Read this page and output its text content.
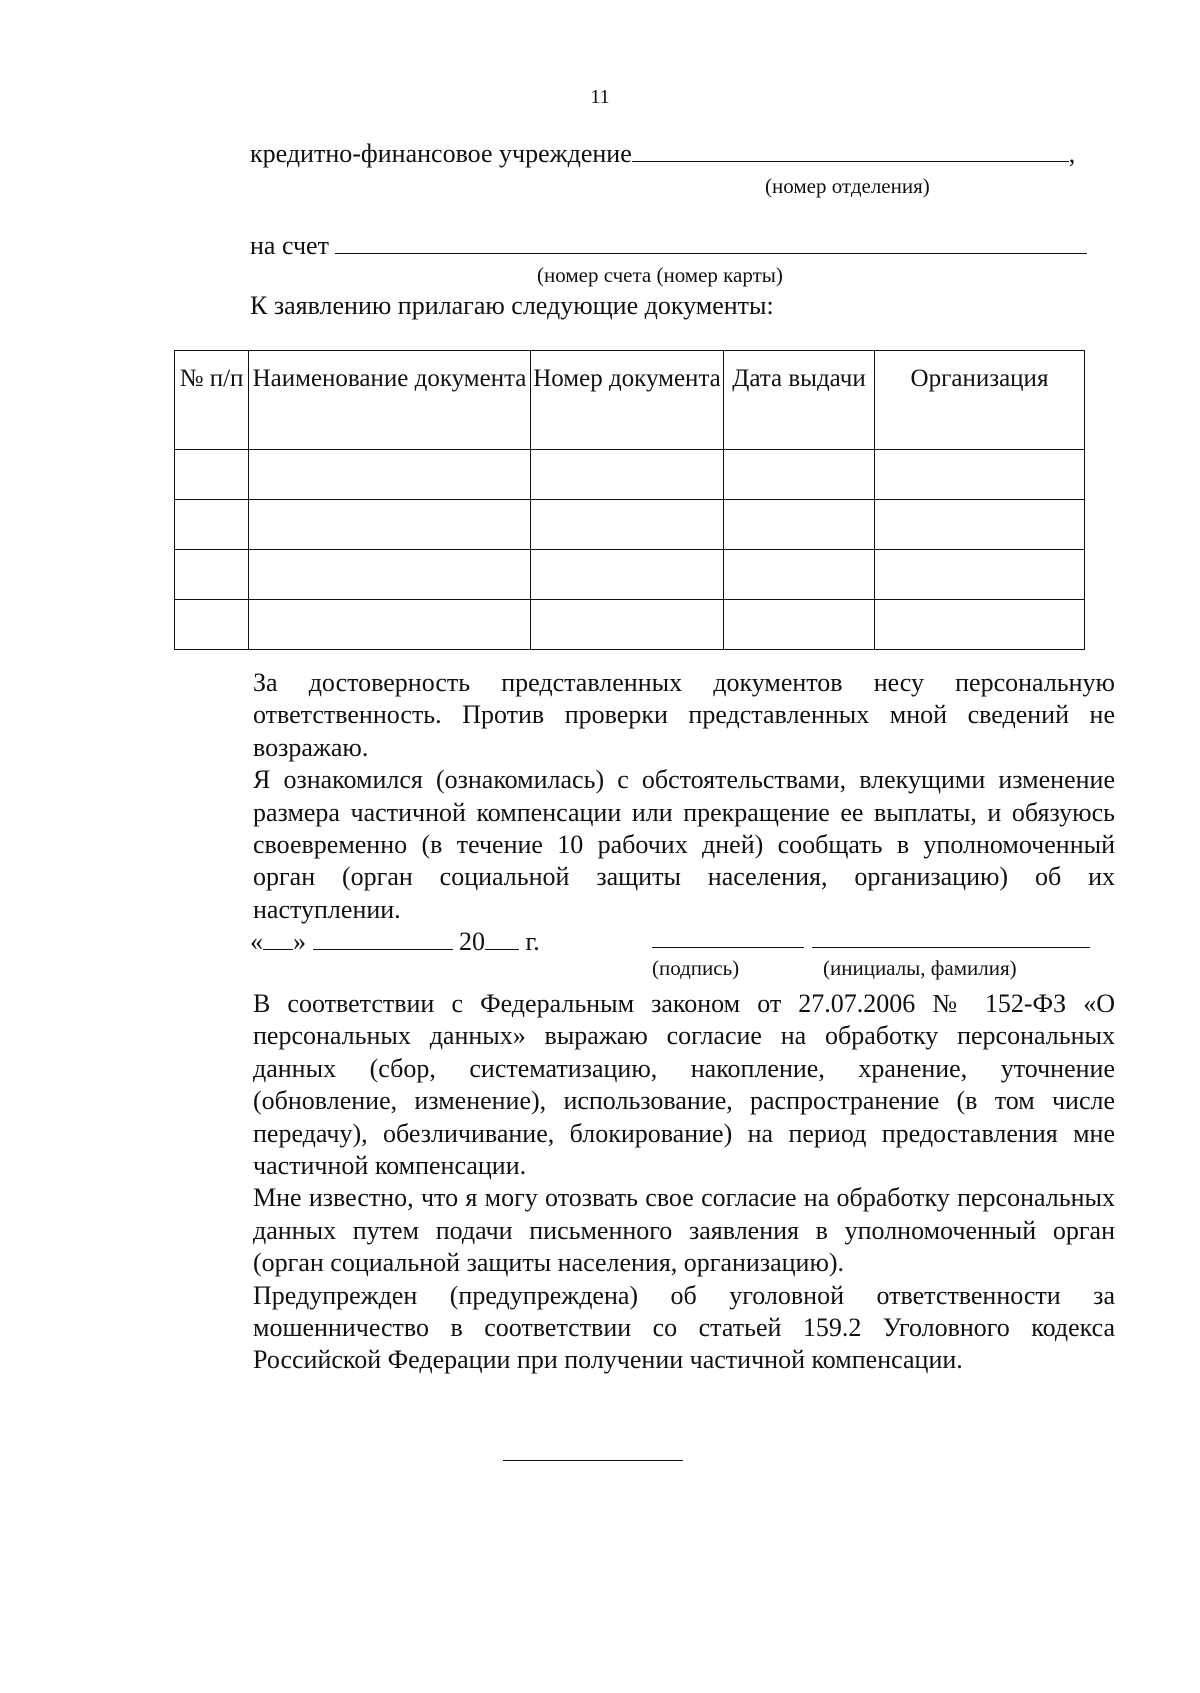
11
кредитно-финансовое учреждение	,
(номер отделения)
на счет
(номер счета (номер карты)
К заявлению прилагаю следующие документы:
№ п/п	Наименование документа	Номер документа	Дата выдачи	Организация

За достоверность представленных документов несу персональную ответственность. Против проверки представленных мной сведений не возражаю.

Я ознакомился (ознакомилась) с обстоятельствами, влекущими изменение размера частичной компенсации или прекращение ее выплаты, и обязуюсь своевременно (в течение 10 рабочих дней) сообщать в уполномоченный орган (орган социальной защиты населения, организацию) об их наступлении.

« »	20 г.
(подпись)	(инициалы, фамилия)

В соответствии с Федеральным законом от 27.07.2006 № 152-ФЗ «О персональных данных» выражаю согласие на обработку персональных данных (сбор, систематизацию, накопление, хранение, уточнение (обновление, изменение), использование, распространение (в том числе передачу), обезличивание, блокирование) на период предоставления мне частичной компенсации.

Мне известно, что я могу отозвать свое согласие на обработку персональных данных путем подачи письменного заявления в уполномоченный орган (орган социальной защиты населения, организацию).

Предупрежден (предупреждена) об уголовной ответственности за мошенничество в соответствии со статьей 159.2 Уголовного кодекса Российской Федерации при получении частичной компенсации.
